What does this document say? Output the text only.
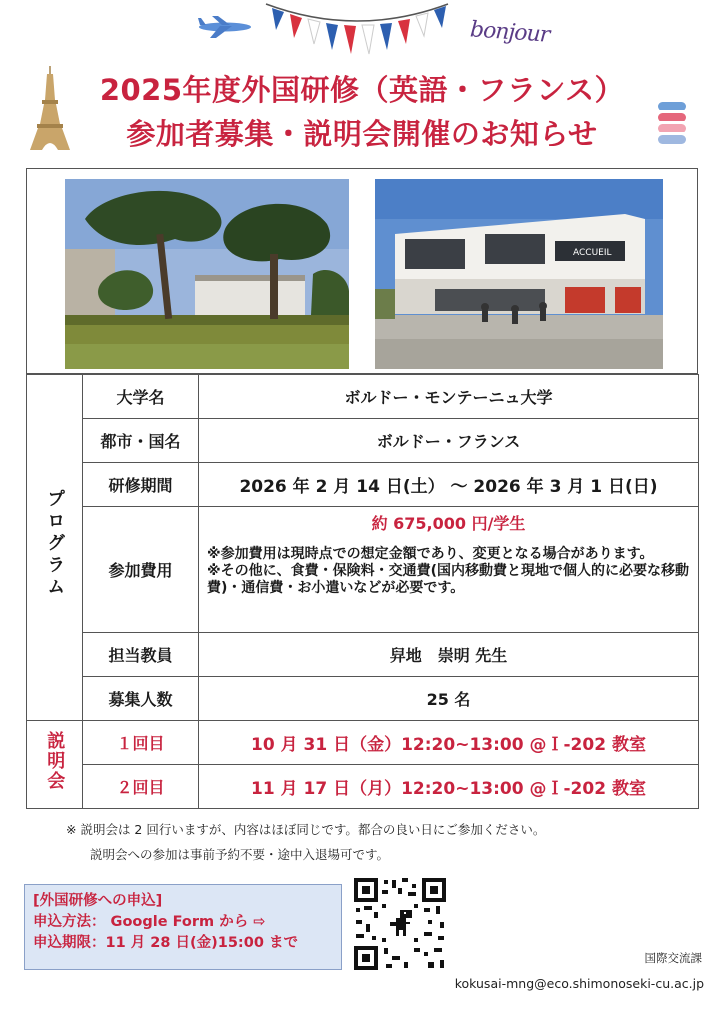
bonjour
2025年度外国研修（英語・フランス）
参加者募集・説明会開催のお知らせ
ACCUEIL
プログラム	大学名	ボルドー・モンテーニュ大学
	都市・国名	ボルドー・フランス
	研修期間	2026 年 2 月 14 日(土） ～ 2026 年 3 月 1 日(日)
	参加費用	約 675,000 円/学生
※参加費用は現時点での想定金額であり、変更となる場合があります。
※その他に、食費・保険料・交通費(国内移動費と現地で個人的に必要な移動費)・通信費・お小遣いなどが必要です。

	担当教員	舁地　崇明 先生
	募集人数	25 名
説明会	１回目	10 月 31 日（金）12:20~13:00 @Ｉ-202 教室
	２回目	11 月 17 日（月）12:20~13:00 @Ｉ-202 教室
※ 説明会は 2 回行いますが、内容はほぼ同じです。都合の良い日にご参加ください。
説明会への参加は事前予約不要・途中入退場可です。
[外国研修への申込]
申込方法： Google Form から ⇨
申込期限：11 月 28 日(金)15:00 まで
国際交流課
kokusai-mng@eco.shimonoseki-cu.ac.jp
